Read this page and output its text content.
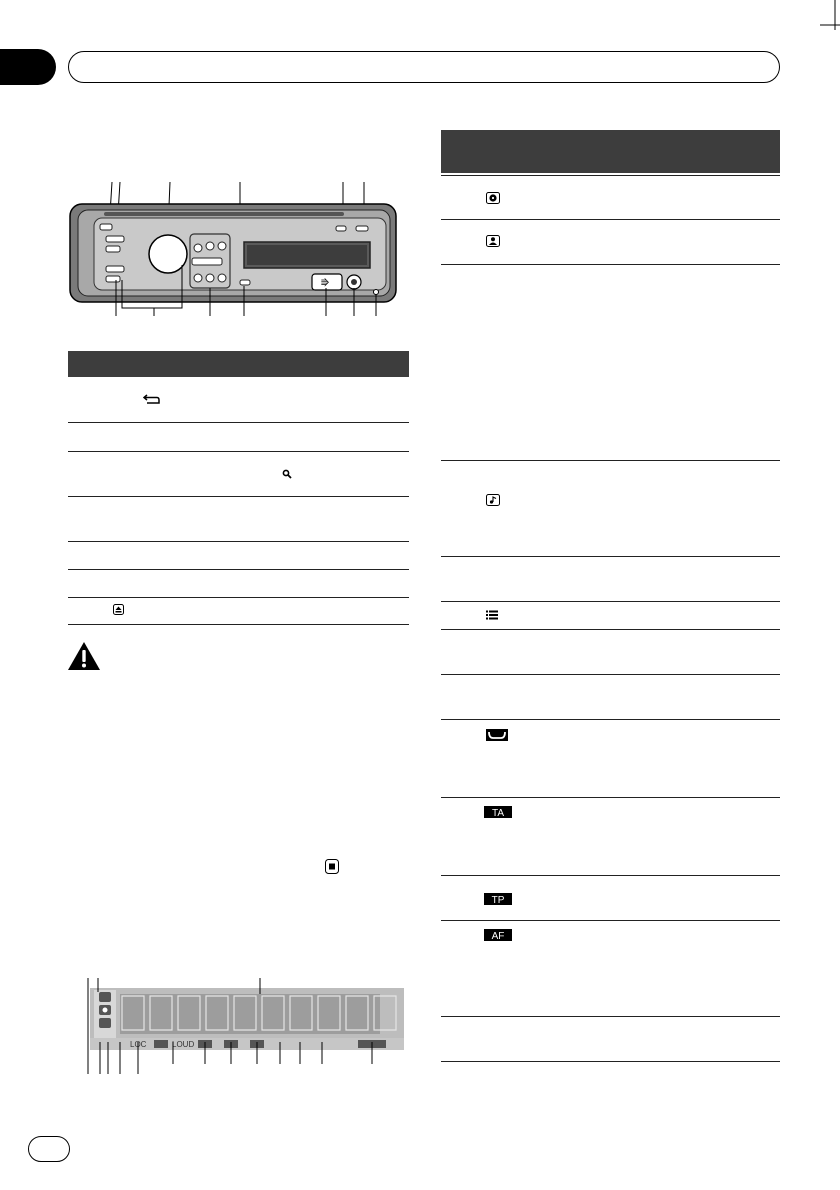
⭆
LOC	LOUD
TA
TP
AF
